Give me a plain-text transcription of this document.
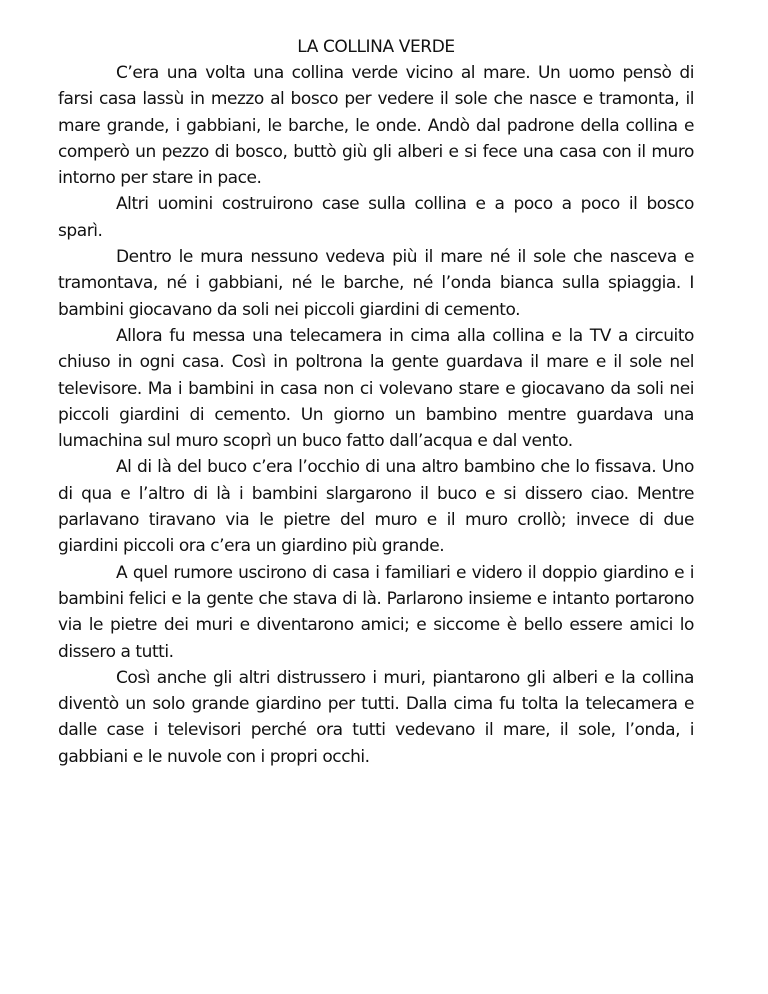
LA COLLINA VERDE

C’era una volta una collina verde vicino al mare. Un uomo pensò di farsi casa lassù in mezzo al bosco per vedere il sole che nasce e tramonta, il mare grande, i gabbiani, le barche, le onde. Andò dal padrone della collina e comperò un pezzo di bosco, buttò giù gli alberi e si fece una casa con il muro intorno per stare in pace.

Altri uomini costruirono case sulla collina e a poco a poco il bosco sparì.

Dentro le mura nessuno vedeva più il mare né il sole che nasceva e tramontava, né i gabbiani, né le barche, né l’onda bianca sulla spiaggia. I bambini giocavano da soli nei piccoli giardini di cemento.

Allora fu messa una telecamera in cima alla collina e la TV a circuito chiuso in ogni casa. Così in poltrona la gente guardava il mare e il sole nel televisore. Ma i bambini in casa non ci volevano stare e giocavano da soli nei piccoli giardini di cemento. Un giorno un bambino mentre guardava una lumachina sul muro scoprì un buco fatto dall’acqua e dal vento.

Al di là del buco c’era l’occhio di una altro bambino che lo fissava. Uno di qua e l’altro di là i bambini slargarono il buco e si dissero ciao. Mentre parlavano tiravano via le pietre del muro e il muro crollò; invece di due giardini piccoli ora c’era un giardino più grande.

A quel rumore uscirono di casa i familiari e videro il doppio giardino e i bambini felici e la gente che stava di là. Parlarono insieme e intanto portarono via le pietre dei muri e diventarono amici; e siccome è bello essere amici lo dissero a tutti.

Così anche gli altri distrussero i muri, piantarono gli alberi e la collina diventò un solo grande giardino per tutti. Dalla cima fu tolta la telecamera e dalle case i televisori perché ora tutti vedevano il mare, il sole, l’onda, i gabbiani e le nuvole con i propri occhi.
